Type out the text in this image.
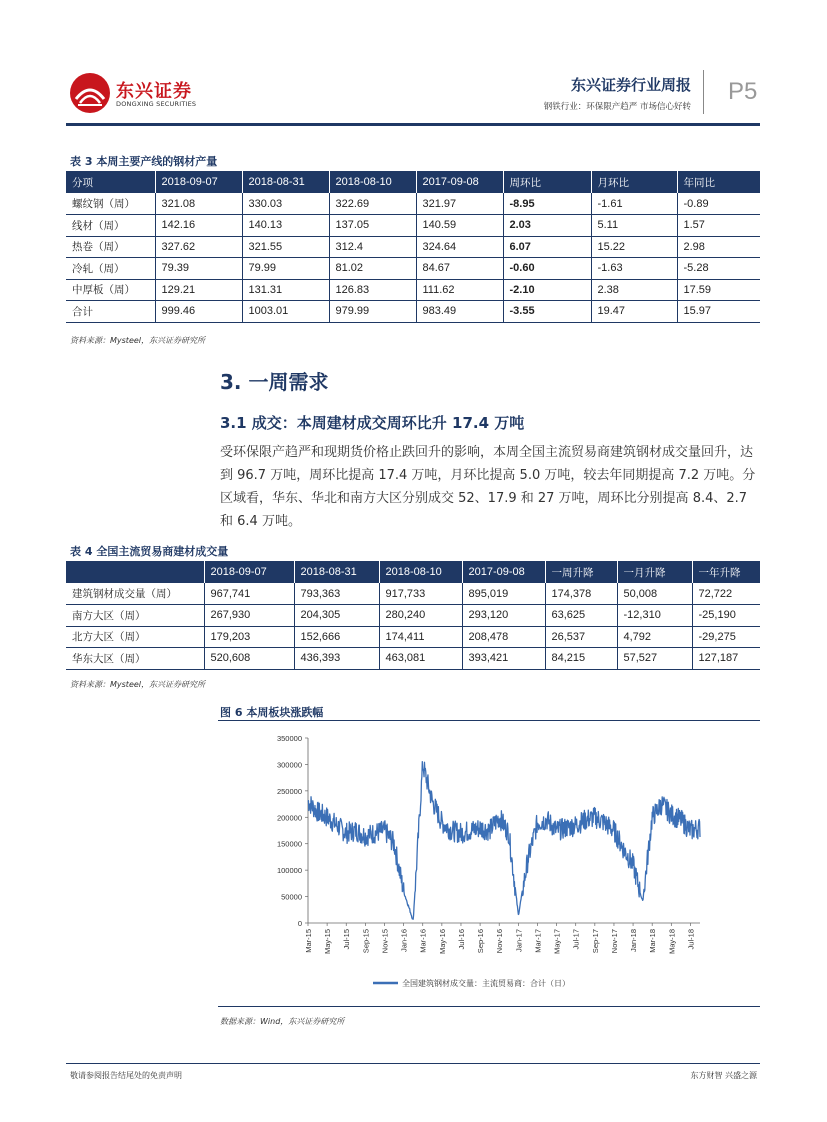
东兴证券
DONGXING SECURITIES
东兴证券行业周报
钢铁行业：环保限产趋严 市场信心好转
P5
表 3 本周主要产线的钢材产量
分项	2018-09-07	2018-08-31	2018-08-10	2017-09-08	周环比	月环比	年同比
螺纹钢（周）	321.08	330.03	322.69	321.97	-8.95	-1.61	-0.89
线材（周）	142.16	140.13	137.05	140.59	2.03	5.11	1.57
热卷（周）	327.62	321.55	312.4	324.64	6.07	15.22	2.98
冷轧（周）	79.39	79.99	81.02	84.67	-0.60	-1.63	-5.28
中厚板（周）	129.21	131.31	126.83	111.62	-2.10	2.38	17.59
合计	999.46	1003.01	979.99	983.49	-3.55	19.47	15.97
资料来源：Mysteel，东兴证券研究所
3. 一周需求
3.1 成交：本周建材成交周环比升 17.4 万吨
受环保限产趋严和现期货价格止跌回升的影响，本周全国主流贸易商建筑钢材成交量回升，达到 96.7 万吨，周环比提高 17.4 万吨，月环比提高 5.0 万吨，较去年同期提高 7.2 万吨。分区域看，华东、华北和南方大区分别成交 52、17.9 和 27 万吨，周环比分别提高 8.4、2.7 和 6.4 万吨。
表 4 全国主流贸易商建材成交量
	2018-09-07	2018-08-31	2018-08-10	2017-09-08	一周升降	一月升降	一年升降
建筑钢材成交量（周）	967,741	793,363	917,733	895,019	174,378	50,008	72,722
南方大区（周）	267,930	204,305	280,240	293,120	63,625	-12,310	-25,190
北方大区（周）	179,203	152,666	174,411	208,478	26,537	4,792	-29,275
华东大区（周）	520,608	436,393	463,081	393,421	84,215	57,527	127,187
资料来源：Mysteel，东兴证券研究所
图 6 本周板块涨跌幅
350000
300000
250000
200000
150000
100000
50000
0
Mar-15 May-15 Jul-15 Sep-15 Nov-15 Jan-16 Mar-16 May-16 Jul-16 Sep-16 Nov-16 Jan-17 Mar-17 May-17 Jul-17 Sep-17 Nov-17 Jan-18 Mar-18 May-18 Jul-18
全国建筑钢材成交量：主流贸易商：合计（日）
数据来源：Wind，东兴证券研究所
敬请参阅报告结尾处的免责声明	东方财智 兴盛之源
